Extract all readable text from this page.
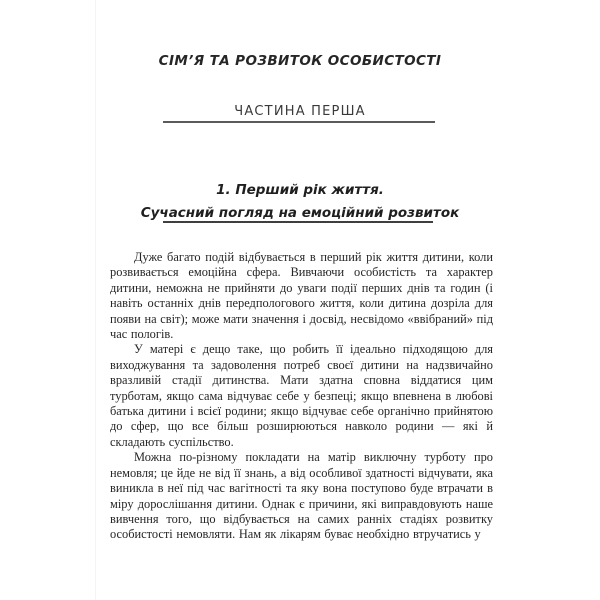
СІМ’Я ТА РОЗВИТОК ОСОБИСТОСТІ
ЧАСТИНА ПЕРША
1. Перший рік життя.
Сучасний погляд на емоційний розвиток

Дуже багато подій відбувається в перший рік життя дитини, коли розвивається емоційна сфера. Вивчаючи особистість та характер дитини, неможна не прийняти до уваги події перших днів та годин (і навіть останніх днів передпологового життя, коли дитина дозріла для появи на світ); може мати значення і досвід, несвідомо «ввібраний» під час пологів.

У матері є дещо таке, що робить її ідеально підходящою для виходжування та задоволення потреб своєї дитини на надзвичайно вразливій стадії дитинства. Мати здатна сповна віддатися цим турботам, якщо сама відчуває себе у безпеці; якщо впевнена в любові батька дитини і всієї родини; якщо відчуває себе органічно прийнятою до сфер, що все більш розширюються навколо родини — які й складають суспільство.

Можна по-різному покладати на матір виключну турботу про немовля; це йде не від її знань, а від особливої здатності відчувати, яка виникла в неї під час вагітності та яку вона поступово буде втрачати в міру дорослішання дитини. Однак є причини, які виправдовують наше вивчення того, що відбувається на самих ранніх стадіях розвитку особистості немовляти. Нам як лікарям буває необхідно втручатись у
